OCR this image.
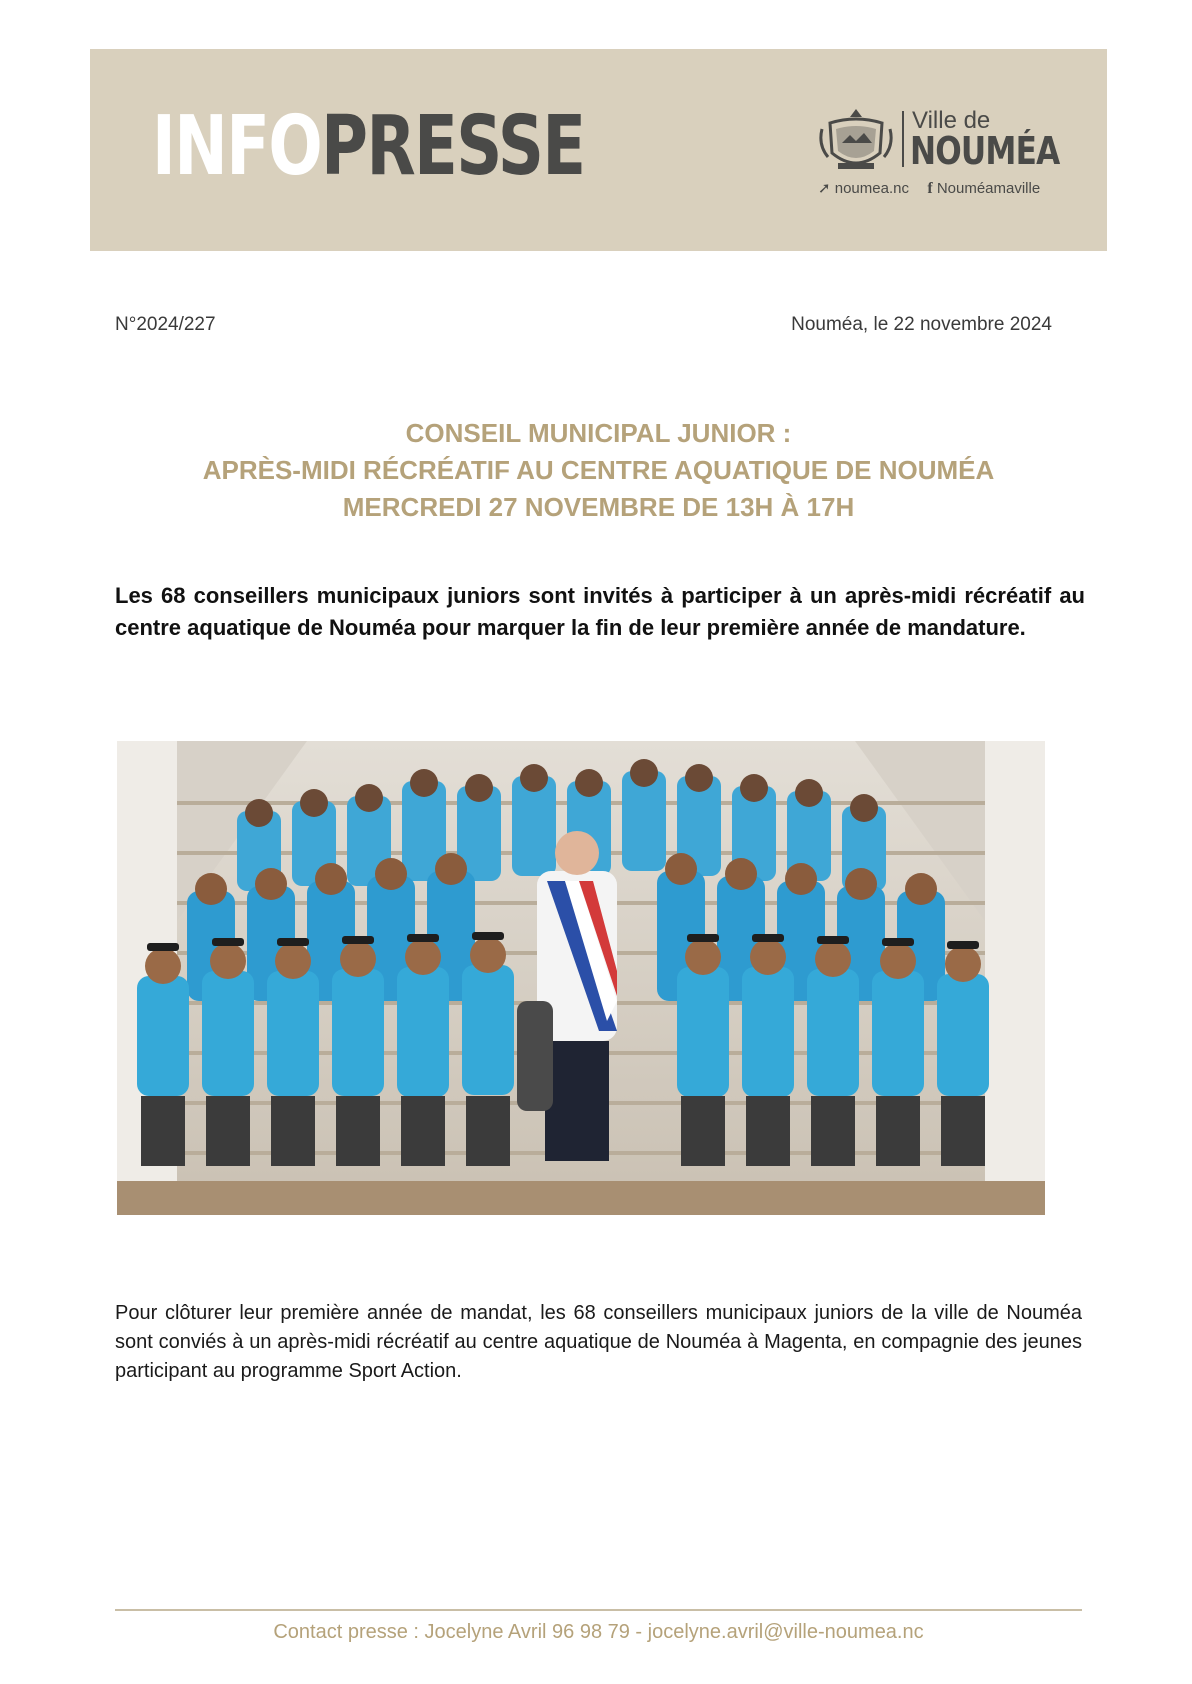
INFOPRESSE	Ville de
NOUMÉA
➚ noumea.nc f Nouméamaville
N°2024/227	Nouméa, le 22 novembre 2024
CONSEIL MUNICIPAL JUNIOR :
APRÈS-MIDI RÉCRÉATIF AU CENTRE AQUATIQUE DE NOUMÉA
MERCREDI 27 NOVEMBRE DE 13H À 17H
Les 68 conseillers municipaux juniors sont invités à participer à un après-midi récréatif au centre aquatique de Nouméa pour marquer la fin de leur première année de mandature.
Pour clôturer leur première année de mandat, les 68 conseillers municipaux juniors de la ville de Nouméa sont conviés à un après-midi récréatif au centre aquatique de Nouméa à Magenta, en compagnie des jeunes participant au programme Sport Action.
Contact presse : Jocelyne Avril 96 98 79 - jocelyne.avril@ville-noumea.nc
